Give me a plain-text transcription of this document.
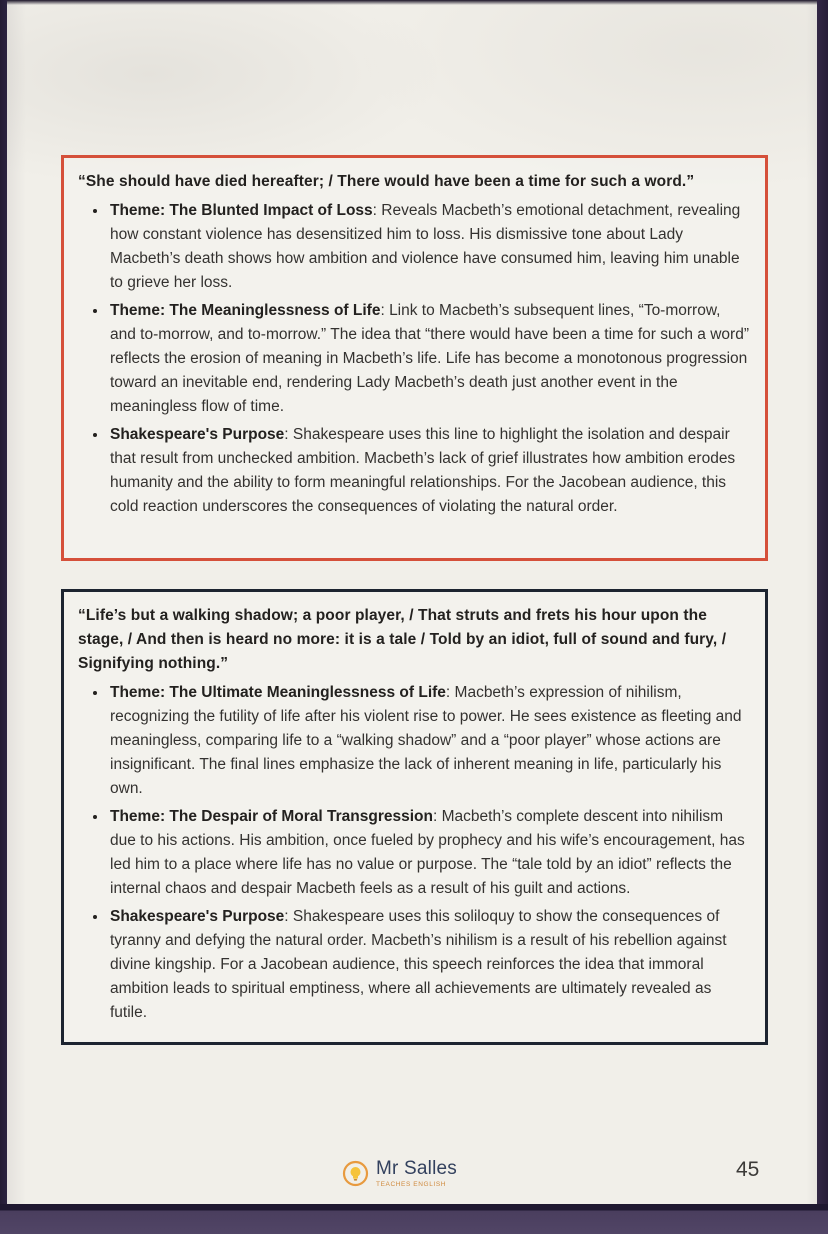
“She should have died hereafter; / There would have been a time for such a word.”

• Theme: The Blunted Impact of Loss: Reveals Macbeth’s emotional detachment, revealing how constant violence has desensitized him to loss. His dismissive tone about Lady Macbeth’s death shows how ambition and violence have consumed him, leaving him unable to grieve her loss.
• Theme: The Meaninglessness of Life: Link to Macbeth’s subsequent lines, “To-morrow, and to-morrow, and to-morrow.” The idea that “there would have been a time for such a word” reflects the erosion of meaning in Macbeth’s life. Life has become a monotonous progression toward an inevitable end, rendering Lady Macbeth’s death just another event in the meaningless flow of time.
• Shakespeare's Purpose: Shakespeare uses this line to highlight the isolation and despair that result from unchecked ambition. Macbeth’s lack of grief illustrates how ambition erodes humanity and the ability to form meaningful relationships. For the Jacobean audience, this cold reaction underscores the consequences of violating the natural order.

“Life’s but a walking shadow; a poor player, / That struts and frets his hour upon the stage, / And then is heard no more: it is a tale / Told by an idiot, full of sound and fury, / Signifying nothing.”

• Theme: The Ultimate Meaninglessness of Life: Macbeth’s expression of nihilism, recognizing the futility of life after his violent rise to power. He sees existence as fleeting and meaningless, comparing life to a “walking shadow” and a “poor player” whose actions are insignificant. The final lines emphasize the lack of inherent meaning in life, particularly his own.
• Theme: The Despair of Moral Transgression: Macbeth’s complete descent into nihilism due to his actions. His ambition, once fueled by prophecy and his wife’s encouragement, has led him to a place where life has no value or purpose. The “tale told by an idiot” reflects the internal chaos and despair Macbeth feels as a result of his guilt and actions.
• Shakespeare's Purpose: Shakespeare uses this soliloquy to show the consequences of tyranny and defying the natural order. Macbeth’s nihilism is a result of his rebellion against divine kingship. For a Jacobean audience, this speech reinforces the idea that immoral ambition leads to spiritual emptiness, where all achievements are ultimately revealed as futile.
Mr Salles
TEACHES ENGLISH
45
